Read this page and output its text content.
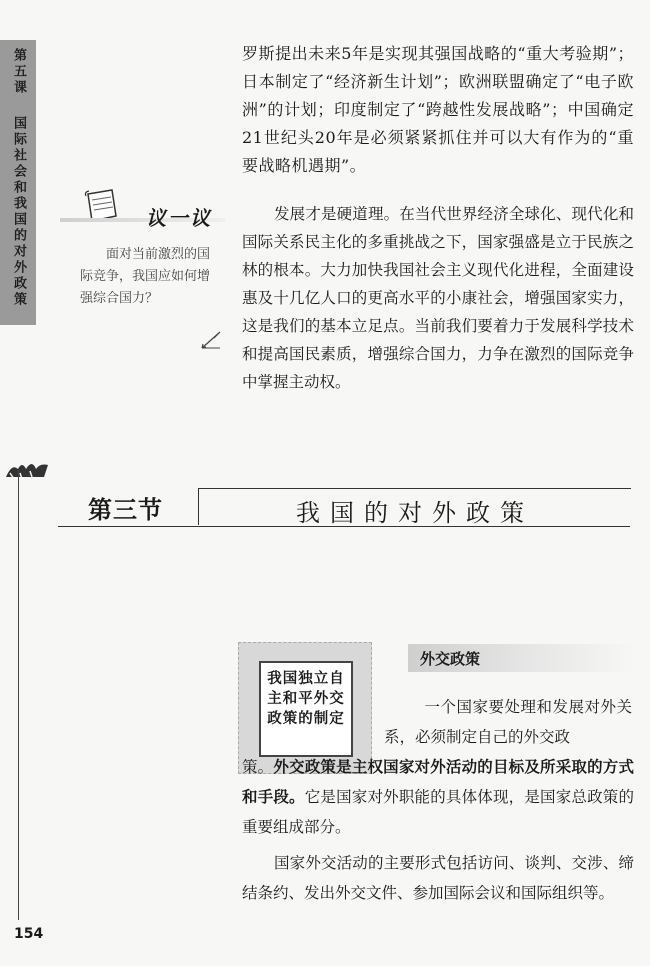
第五课
国际社会和我国的对外政策

罗斯提出未来5年是实现其强国战略的“重大考验期”；日本制定了“经济新生计划”；欧洲联盟确定了“电子欧洲”的计划；印度制定了“跨越性发展战略”；中国确定21世纪头20年是必须紧紧抓住并可以大有作为的“重要战略机遇期”。

议一议

面对当前激烈的国际竞争，我国应如何增强综合国力？

发展才是硬道理。在当代世界经济全球化、现代化和国际关系民主化的多重挑战之下，国家强盛是立于民族之林的根本。大力加快我国社会主义现代化进程，全面建设惠及十几亿人口的更高水平的小康社会，增强国家实力，这是我们的基本立足点。当前我们要着力于发展科学技术和提高国民素质，增强综合国力，力争在激烈的国际竞争中掌握主动权。

第三节	我国的对外政策

我国独立自主和平外交政策的制定

外交政策

一个国家要处理和发展对外关系，必须制定自己的外交政

策。外交政策是主权国家对外活动的目标及所采取的方式和手段。它是国家对外职能的具体体现，是国家总政策的重要组成部分。

国家外交活动的主要形式包括访问、谈判、交涉、缔结条约、发出外交文件、参加国际会议和国际组织等。

154
